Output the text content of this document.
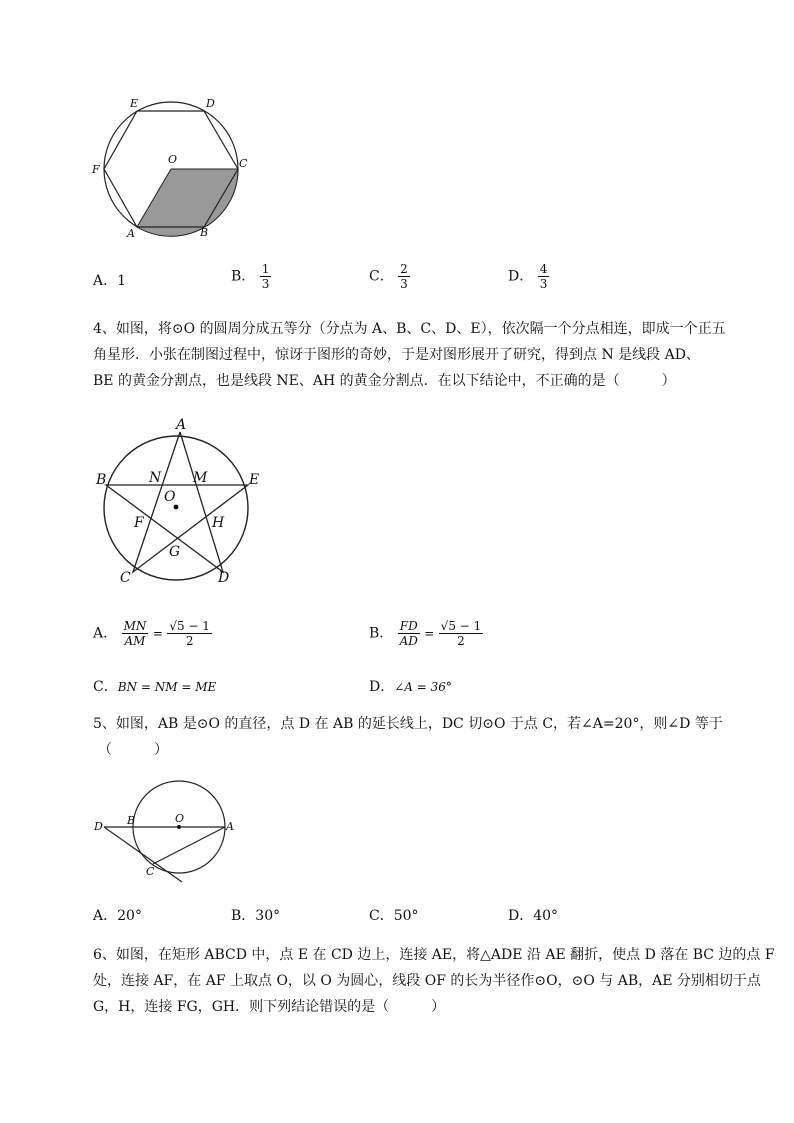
E	D
F
O	C
A	B
A．1	B． $\frac{1}{3}$	C． $\frac{2}{3}$	D． $\frac{4}{3}$
4、如图，将⊙O 的圆周分成五等分（分点为 A、B、C、D、E），依次隔一个分点相连，即成一个正五
角星形．小张在制图过程中，惊讶于图形的奇妙，于是对图形展开了研究，得到点 N 是线段 AD、
BE 的黄金分割点，也是线段 NE、AH 的黄金分割点．在以下结论中，不正确的是（　　　）
A
B	E
N M
O
F	H
G
C	D
A． $\frac{MN}{AM} = \frac{√5 - 1}{2}$	B． $\frac{FD}{AD} = \frac{√5 - 1}{2}$
C．BN = NM = ME	D．∠A = 36°
5、如图，AB 是⊙O 的直径，点 D 在 AB 的延长线上，DC 切⊙O 于点 C，若∠A=20°，则∠D 等于
（　　　）
D B	O
A
C
A．20°	B．30°	C．50°	D．40°
6、如图，在矩形 ABCD 中，点 E 在 CD 边上，连接 AE，将△ADE 沿 AE 翻折，使点 D 落在 BC 边的点 F
处，连接 AF，在 AF 上取点 O，以 O 为圆心，线段 OF 的长为半径作⊙O，⊙O 与 AB，AE 分别相切于点
G，H，连接 FG，GH．则下列结论错误的是（　　　）
